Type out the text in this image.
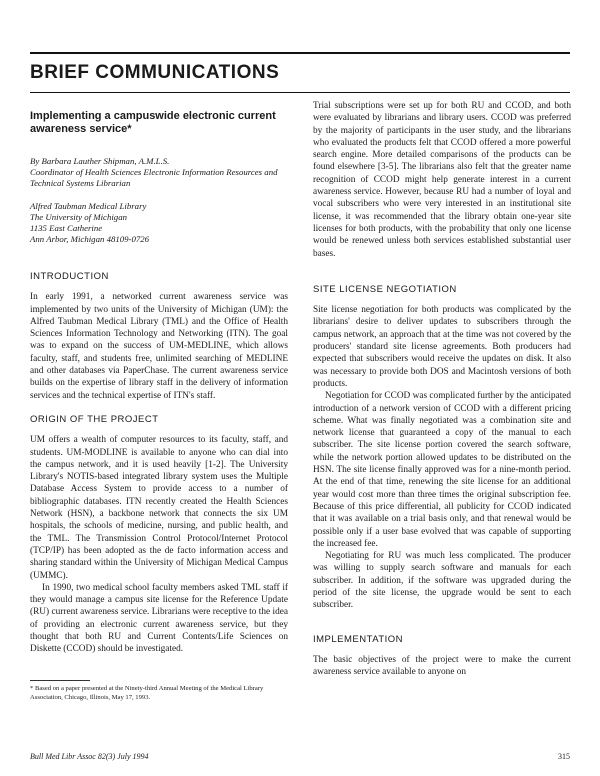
BRIEF COMMUNICATIONS
Implementing a campuswide electronic current awareness service*

By Barbara Lauther Shipman, A.M.L.S.

Coordinator of Health Sciences Electronic Information Resources and Technical Systems Librarian

Alfred Taubman Medical Library
The University of Michigan
1135 East Catherine
Ann Arbor, Michigan 48109-0726
INTRODUCTION

In early 1991, a networked current awareness service was implemented by two units of the University of Michigan (UM): the Alfred Taubman Medical Library (TML) and the Office of Health Sciences Information Technology and Networking (ITN). The goal was to expand on the success of UM-MEDLINE, which allows faculty, staff, and students free, unlimited searching of MEDLINE and other databases via PaperChase. The current awareness service builds on the expertise of library staff in the delivery of information services and the technical expertise of ITN's staff.

ORIGIN OF THE PROJECT

UM offers a wealth of computer resources to its faculty, staff, and students. UM-MODLINE is available to anyone who can dial into the campus network, and it is used heavily [1-2]. The University Library's NOTIS-based integrated library system uses the Multiple Database Access System to provide access to a number of bibliographic databases. ITN recently created the Health Sciences Network (HSN), a backbone network that connects the six UM hospitals, the schools of medicine, nursing, and public health, and the TML. The Transmission Control Protocol/Internet Protocol (TCP/IP) has been adopted as the de facto information access and sharing standard within the University of Michigan Medical Campus (UMMC).

In 1990, two medical school faculty members asked TML staff if they would manage a campus site license for the Reference Update (RU) current awareness service. Librarians were receptive to the idea of providing an electronic current awareness service, but they thought that both RU and Current Contents/Life Sciences on Diskette (CCOD) should be investigated.

* Based on a paper presented at the Ninety-third Annual Meeting of the Medical Library Association, Chicago, Illinois, May 17, 1993.

Trial subscriptions were set up for both RU and CCOD, and both were evaluated by librarians and library users. CCOD was preferred by the majority of participants in the user study, and the librarians who evaluated the products felt that CCOD offered a more powerful search engine. More detailed comparisons of the products can be found elsewhere [3-5]. The librarians also felt that the greater name recognition of CCOD might help generate interest in a current awareness service. However, because RU had a number of loyal and vocal subscribers who were very interested in an institutional site license, it was recommended that the library obtain one-year site licenses for both products, with the probability that only one license would be renewed unless both services established substantial user bases.

SITE LICENSE NEGOTIATION

Site license negotiation for both products was complicated by the librarians' desire to deliver updates to subscribers through the campus network, an approach that at the time was not covered by the producers' standard site license agreements. Both producers had expected that subscribers would receive the updates on disk. It also was necessary to provide both DOS and Macintosh versions of both products.

Negotiation for CCOD was complicated further by the anticipated introduction of a network version of CCOD with a different pricing scheme. What was finally negotiated was a combination site and network license that guaranteed a copy of the manual to each subscriber. The site license portion covered the search software, while the network portion allowed updates to be distributed on the HSN. The site license finally approved was for a nine-month period. At the end of that time, renewing the site license for an additional year would cost more than three times the original subscription fee. Because of this price differential, all publicity for CCOD indicated that it was available on a trial basis only, and that renewal would be possible only if a user base evolved that was capable of supporting the increased fee.

Negotiating for RU was much less complicated. The producer was willing to supply search software and manuals for each subscriber. In addition, if the software was upgraded during the period of the site license, the upgrade would be sent to each subscriber.

IMPLEMENTATION

The basic objectives of the project were to make the current awareness service available to anyone on

Bull Med Libr Assoc 82(3) July 1994	315
